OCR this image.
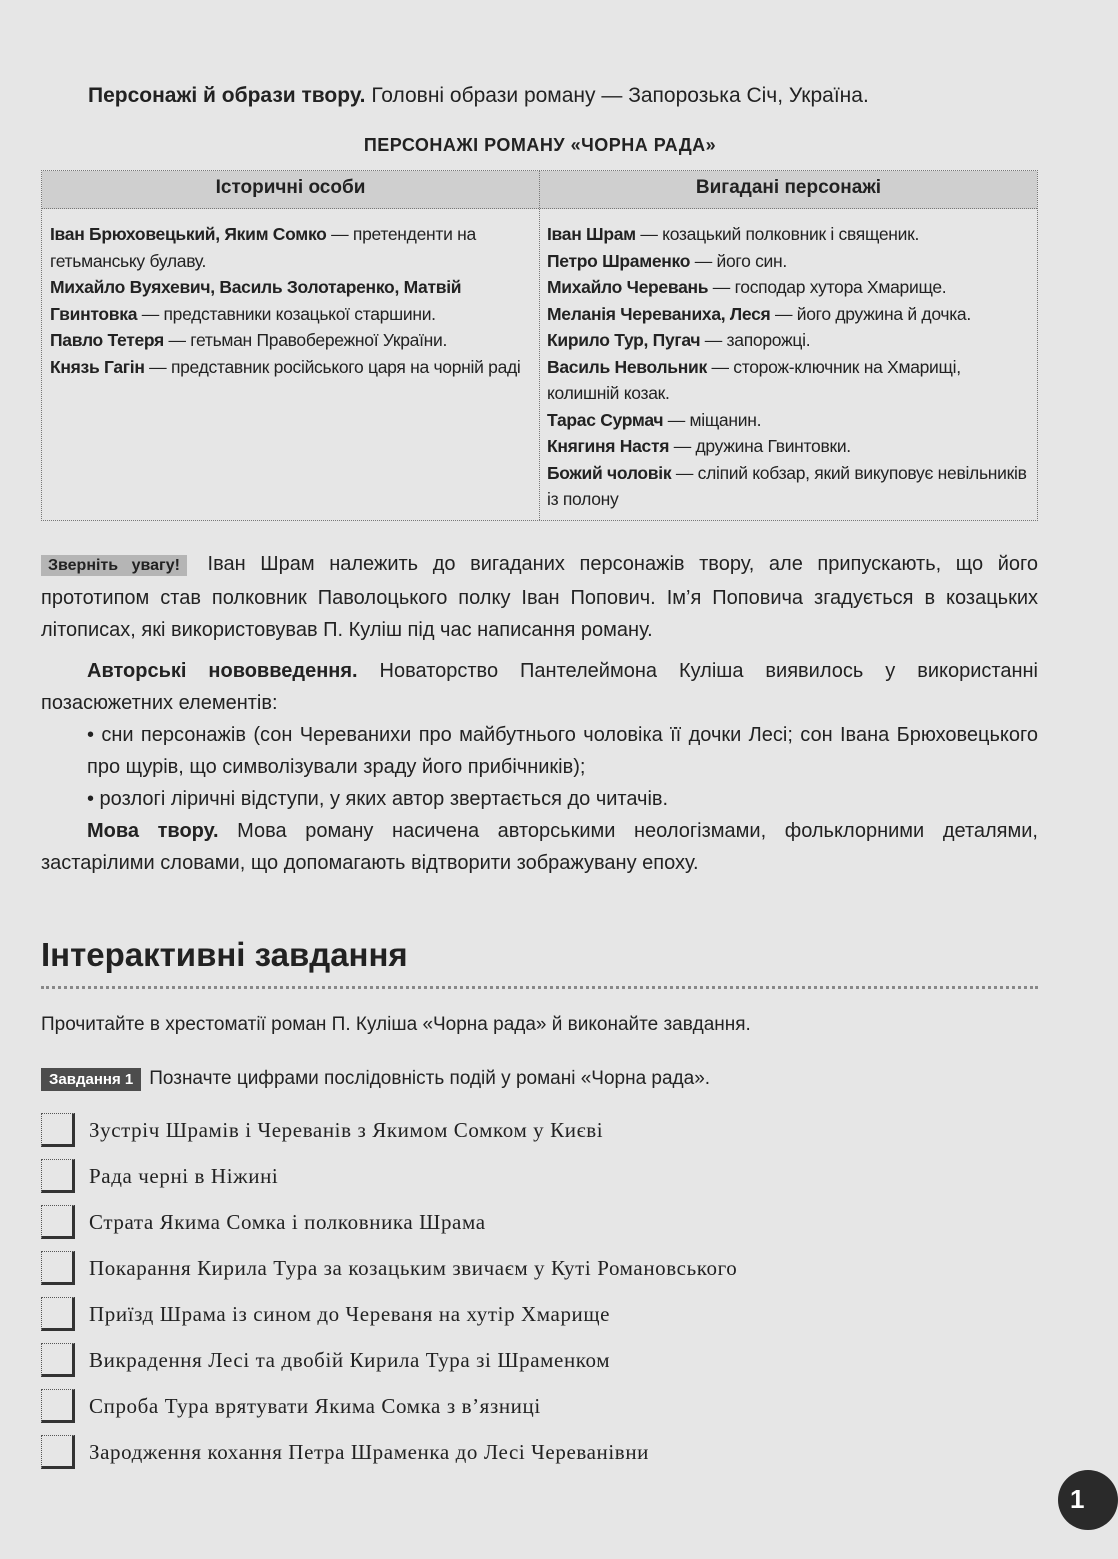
Персонажі й образи твору. Головні образи роману — Запорозька Січ, Україна.
ПЕРСОНАЖІ РОМАНУ «ЧОРНА РАДА»
Історичні особи	Вигадані персонажі

Іван Брюховецький, Яким Сомко — претенденти на гетьманську булаву.

Михайло Вуяхевич, Василь Золотаренко, Матвій Гвинтовка — представники козацької старшини.

Павло Тетеря — гетьман Правобережної України.

Князь Гагін — представник російського царя на чорній раді

Іван Шрам — козацький полковник і священик.

Петро Шраменко — його син.

Михайло Черевань — господар хутора Хмарище.

Меланія Череваниха, Леся — його дружина й дочка.

Кирило Тур, Пугач — запорожці.

Василь Невольник — сторож-ключник на Хмарищі, колишній козак.

Тарас Сурмач — міщанин.

Княгиня Настя — дружина Гвинтовки.

Божий чоловік — сліпий кобзар, який викуповує невільників із полону

Зверніть увагу! Іван Шрам належить до вигаданих персонажів твору, але припускають, що його прототипом став полковник Паволоцького полку Іван Попович. Ім’я Поповича згадується в козацьких літописах, які використовував П. Куліш під час написання роману.

Авторські нововведення. Новаторство Пантелеймона Куліша виявилось у використанні позасюжетних елементів:

• сни персонажів (сон Череванихи про майбутнього чоловіка її дочки Лесі; сон Івана Брюховецького про щурів, що символізували зраду його прибічників);

• розлогі ліричні відступи, у яких автор звертається до читачів.

Мова твору. Мова роману насичена авторськими неологізмами, фольклорними деталями, застарілими словами, що допомагають відтворити зображувану епоху.

Інтерактивні завдання
Прочитайте в хрестоматії роман П. Куліша «Чорна рада» й виконайте завдання.
Завдання 1 Позначте цифрами послідовність подій у романі «Чорна рада».
Зустріч Шрамів і Череванів з Якимом Сомком у Києві
Рада черні в Ніжині
Страта Якима Сомка і полковника Шрама
Покарання Кирила Тура за козацьким звичаєм у Куті Романовського
Приїзд Шрама із сином до Череваня на хутір Хмарище
Викрадення Лесі та двобій Кирила Тура зі Шраменком
Спроба Тура врятувати Якима Сомка з в’язниці
Зародження кохання Петра Шраменка до Лесі Череванівни
1
